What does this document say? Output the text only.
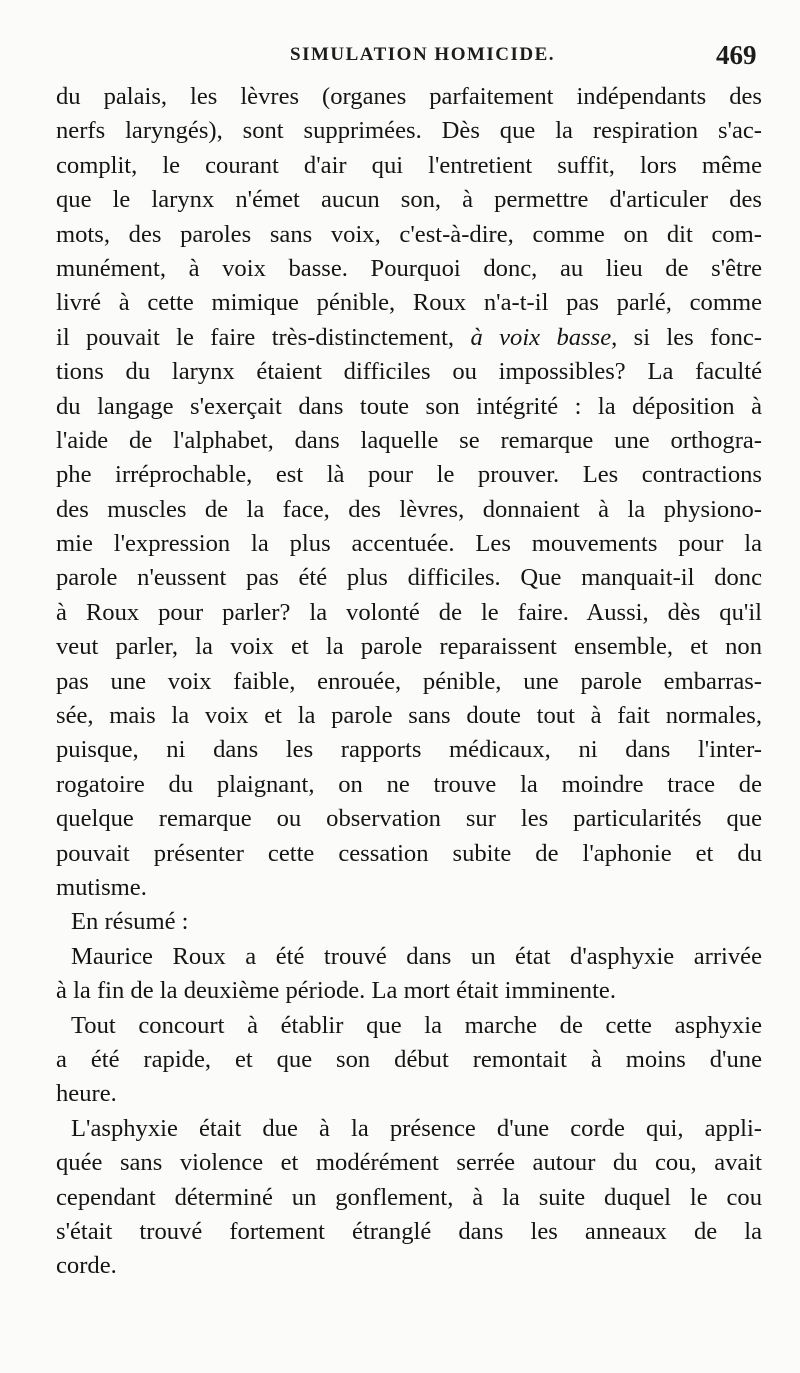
SIMULATION HOMICIDE.	469
du palais, les lèvres (organes parfaitement indépendants des
nerfs laryngés), sont supprimées. Dès que la respiration s'ac-
complit, le courant d'air qui l'entretient suffit, lors même
que le larynx n'émet aucun son, à permettre d'articuler des
mots, des paroles sans voix, c'est-à-dire, comme on dit com-
munément, à voix basse. Pourquoi donc, au lieu de s'être
livré à cette mimique pénible, Roux n'a-t-il pas parlé, comme
il pouvait le faire très-distinctement, à voix basse, si les fonc-
tions du larynx étaient difficiles ou impossibles? La faculté
du langage s'exerçait dans toute son intégrité : la déposition à
l'aide de l'alphabet, dans laquelle se remarque une orthogra-
phe irréprochable, est là pour le prouver. Les contractions
des muscles de la face, des lèvres, donnaient à la physiono-
mie l'expression la plus accentuée. Les mouvements pour la
parole n'eussent pas été plus difficiles. Que manquait-il donc
à Roux pour parler? la volonté de le faire. Aussi, dès qu'il
veut parler, la voix et la parole reparaissent ensemble, et non
pas une voix faible, enrouée, pénible, une parole embarras-
sée, mais la voix et la parole sans doute tout à fait normales,
puisque, ni dans les rapports médicaux, ni dans l'inter-
rogatoire du plaignant, on ne trouve la moindre trace de
quelque remarque ou observation sur les particularités que
pouvait présenter cette cessation subite de l'aphonie et du
mutisme.
En résumé :
Maurice Roux a été trouvé dans un état d'asphyxie arrivée
à la fin de la deuxième période. La mort était imminente.
Tout concourt à établir que la marche de cette asphyxie
a été rapide, et que son début remontait à moins d'une
heure.
L'asphyxie était due à la présence d'une corde qui, appli-
quée sans violence et modérément serrée autour du cou, avait
cependant déterminé un gonflement, à la suite duquel le cou
s'était trouvé fortement étranglé dans les anneaux de la
corde.
